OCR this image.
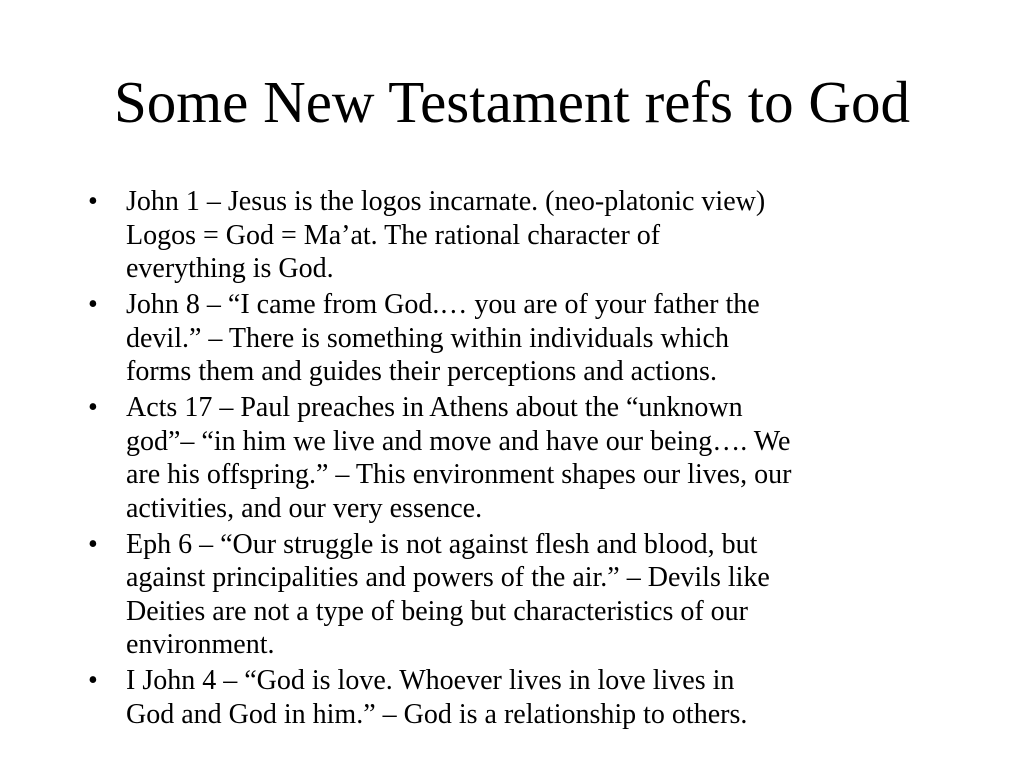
Some New Testament refs to God
•	John 1 – Jesus is the logos incarnate. (neo-platonic view)
Logos = God = Ma’at. The rational character of
everything is God.
•	John 8 – “I came from God.… you are of your father the
devil.” – There is something within individuals which
forms them and guides their perceptions and actions.
•	Acts 17 – Paul preaches in Athens about the “unknown
god”– “in him we live and move and have our being…. We
are his offspring.” – This environment shapes our lives, our
activities, and our very essence.
•	Eph 6 – “Our struggle is not against flesh and blood, but
against principalities and powers of the air.” – Devils like
Deities are not a type of being but characteristics of our
environment.
•	I John 4 – “God is love. Whoever lives in love lives in
God and God in him.” – God is a relationship to others.
